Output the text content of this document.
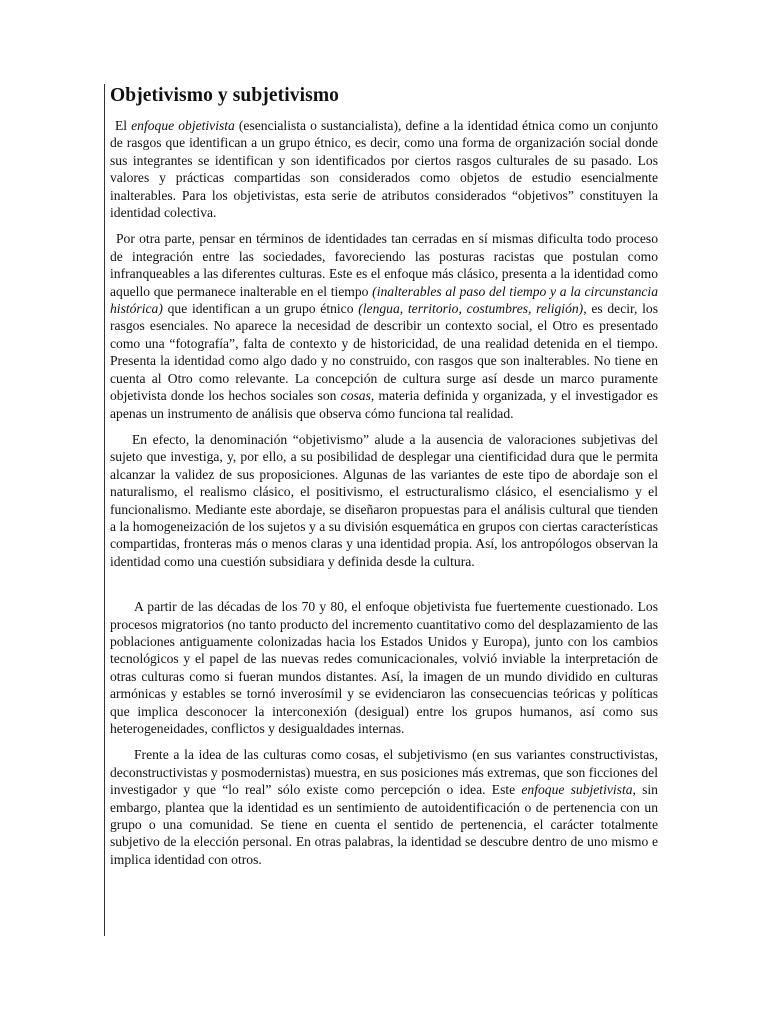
Objetivismo y subjetivismo

El enfoque objetivista (esencialista o sustancialista), define a la identidad étnica como un conjunto de rasgos que identifican a un grupo étnico, es decir, como una forma de organización social donde sus integrantes se identifican y son identificados por ciertos rasgos culturales de su pasado. Los valores y prácticas compartidas son considerados como objetos de estudio esencialmente inalterables. Para los objetivistas, esta serie de atributos considerados “objetivos” constituyen la identidad colectiva.

Por otra parte, pensar en términos de identidades tan cerradas en sí mismas dificulta todo proceso de integración entre las sociedades, favoreciendo las posturas racistas que postulan como infranqueables a las diferentes culturas. Este es el enfoque más clásico, presenta a la identidad como aquello que permanece inalterable en el tiempo (inalterables al paso del tiempo y a la circunstancia histórica) que identifican a un grupo étnico (lengua, territorio, costumbres, religión), es decir, los rasgos esenciales. No aparece la necesidad de describir un contexto social, el Otro es presentado como una “fotografía”, falta de contexto y de historicidad, de una realidad detenida en el tiempo. Presenta la identidad como algo dado y no construido, con rasgos que son inalterables. No tiene en cuenta al Otro como relevante. La concepción de cultura surge así desde un marco puramente objetivista donde los hechos sociales son cosas, materia definida y organizada, y el investigador es apenas un instrumento de análisis que observa cómo funciona tal realidad.

En efecto, la denominación “objetivismo” alude a la ausencia de valoraciones subjetivas del sujeto que investiga, y, por ello, a su posibilidad de desplegar una cientificidad dura que le permita alcanzar la validez de sus proposiciones. Algunas de las variantes de este tipo de abordaje son el naturalismo, el realismo clásico, el positivismo, el estructuralismo clásico, el esencialismo y el funcionalismo. Mediante este abordaje, se diseñaron propuestas para el análisis cultural que tienden a la homogeneización de los sujetos y a su división esquemática en grupos con ciertas características compartidas, fronteras más o menos claras y una identidad propia. Así, los antropólogos observan la identidad como una cuestión subsidiara y definida desde la cultura.

A partir de las décadas de los 70 y 80, el enfoque objetivista fue fuertemente cuestionado. Los procesos migratorios (no tanto producto del incremento cuantitativo como del desplazamiento de las poblaciones antiguamente colonizadas hacia los Estados Unidos y Europa), junto con los cambios tecnológicos y el papel de las nuevas redes comunicacionales, volvió inviable la interpretación de otras culturas como si fueran mundos distantes. Así, la imagen de un mundo dividido en culturas armónicas y estables se tornó inverosímil y se evidenciaron las consecuencias teóricas y políticas que implica desconocer la interconexión (desigual) entre los grupos humanos, así como sus heterogeneidades, conflictos y desigualdades internas.

Frente a la idea de las culturas como cosas, el subjetivismo (en sus variantes constructivistas, deconstructivistas y posmodernistas) muestra, en sus posiciones más extremas, que son ficciones del investigador y que “lo real” sólo existe como percepción o idea. Este enfoque subjetivista, sin embargo, plantea que la identidad es un sentimiento de autoidentificación o de pertenencia con un grupo o una comunidad. Se tiene en cuenta el sentido de pertenencia, el carácter totalmente subjetivo de la elección personal. En otras palabras, la identidad se descubre dentro de uno mismo e implica identidad con otros.
